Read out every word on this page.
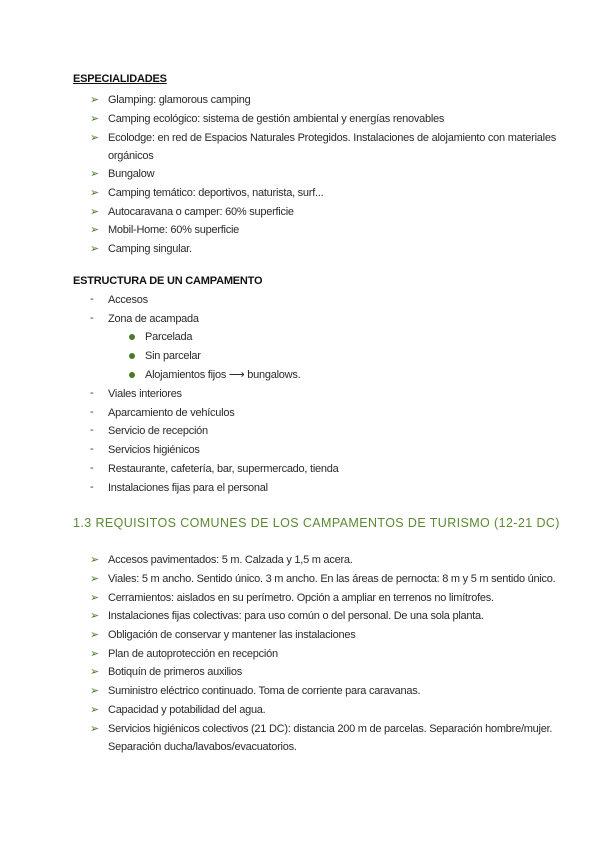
ESPECIALIDADES
➢ Glamping: glamorous camping
➢ Camping ecológico: sistema de gestión ambiental y energías renovables
➢ Ecolodge: en red de Espacios Naturales Protegidos. Instalaciones de alojamiento con materiales
orgánicos
➢ Bungalow
➢ Camping temático: deportivos, naturista, surf...
➢ Autocaravana o camper: 60% superficie
➢ Mobil-Home: 60% superficie
➢ Camping singular.
ESTRUCTURA DE UN CAMPAMENTO
- Accesos
- Zona de acampada
Parcelada
Sin parcelar
Alojamientos fijos ⟶ bungalows.
- Viales interiores
- Aparcamiento de vehículos
- Servicio de recepción
- Servicios higiénicos
- Restaurante, cafetería, bar, supermercado, tienda
- Instalaciones fijas para el personal
1.3 REQUISITOS COMUNES DE LOS CAMPAMENTOS DE TURISMO (12-21 DC)
➢ Accesos pavimentados: 5 m. Calzada y 1,5 m acera.
➢ Viales: 5 m ancho. Sentido único. 3 m ancho. En las áreas de pernocta: 8 m y 5 m sentido único.
➢ Cerramientos: aislados en su perímetro. Opción a ampliar en terrenos no limítrofes.
➢ Instalaciones fijas colectivas: para uso común o del personal. De una sola planta.
➢ Obligación de conservar y mantener las instalaciones
➢ Plan de autoprotección en recepción
➢ Botiquín de primeros auxilios
➢ Suministro eléctrico continuado. Toma de corriente para caravanas.
➢ Capacidad y potabilidad del agua.
➢ Servicios higiénicos colectivos (21 DC): distancia 200 m de parcelas. Separación hombre/mujer.
Separación ducha/lavabos/evacuatorios.
